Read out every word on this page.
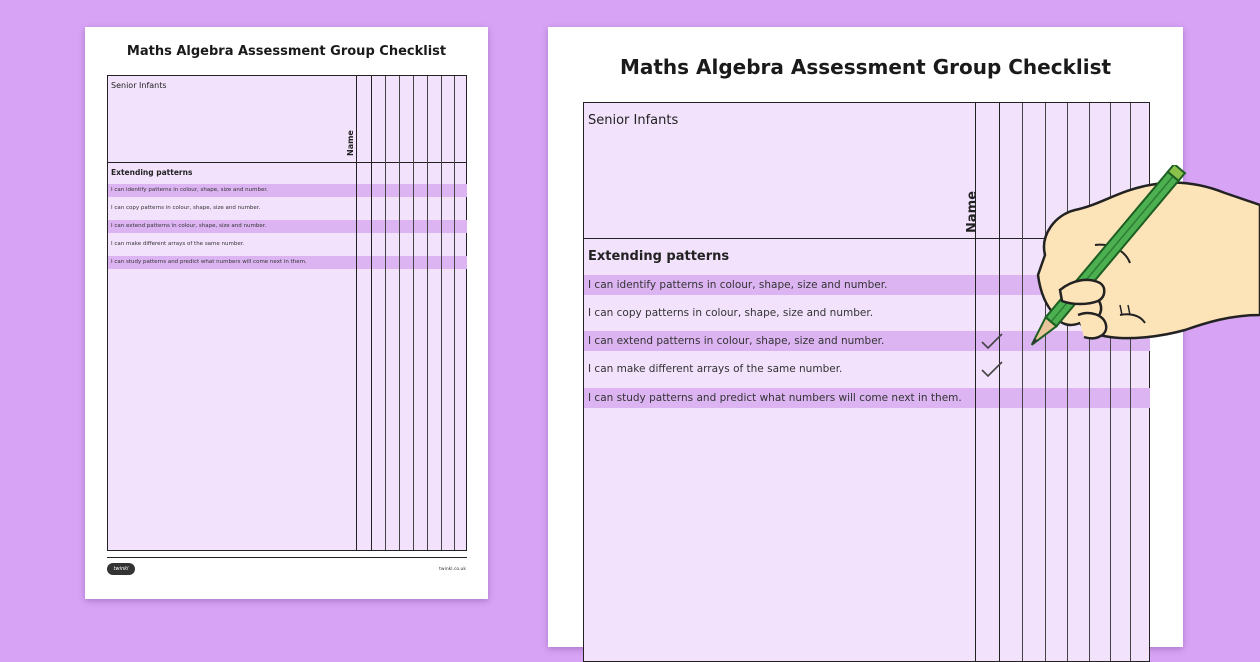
Maths Algebra Assessment Group Checklist
Senior Infants
Name
Extending patterns
I can identify patterns in colour, shape, size and number.
I can copy patterns in colour, shape, size and number.
I can extend patterns in colour, shape, size and number.
I can make different arrays of the same number.
I can study patterns and predict what numbers will come next in them.
twinkl	twinkl.co.uk
Maths Algebra Assessment Group Checklist
Senior Infants
Name
Extending patterns
I can identify patterns in colour, shape, size and number.
I can copy patterns in colour, shape, size and number.
I can extend patterns in colour, shape, size and number.
I can make different arrays of the same number.
I can study patterns and predict what numbers will come next in them.
